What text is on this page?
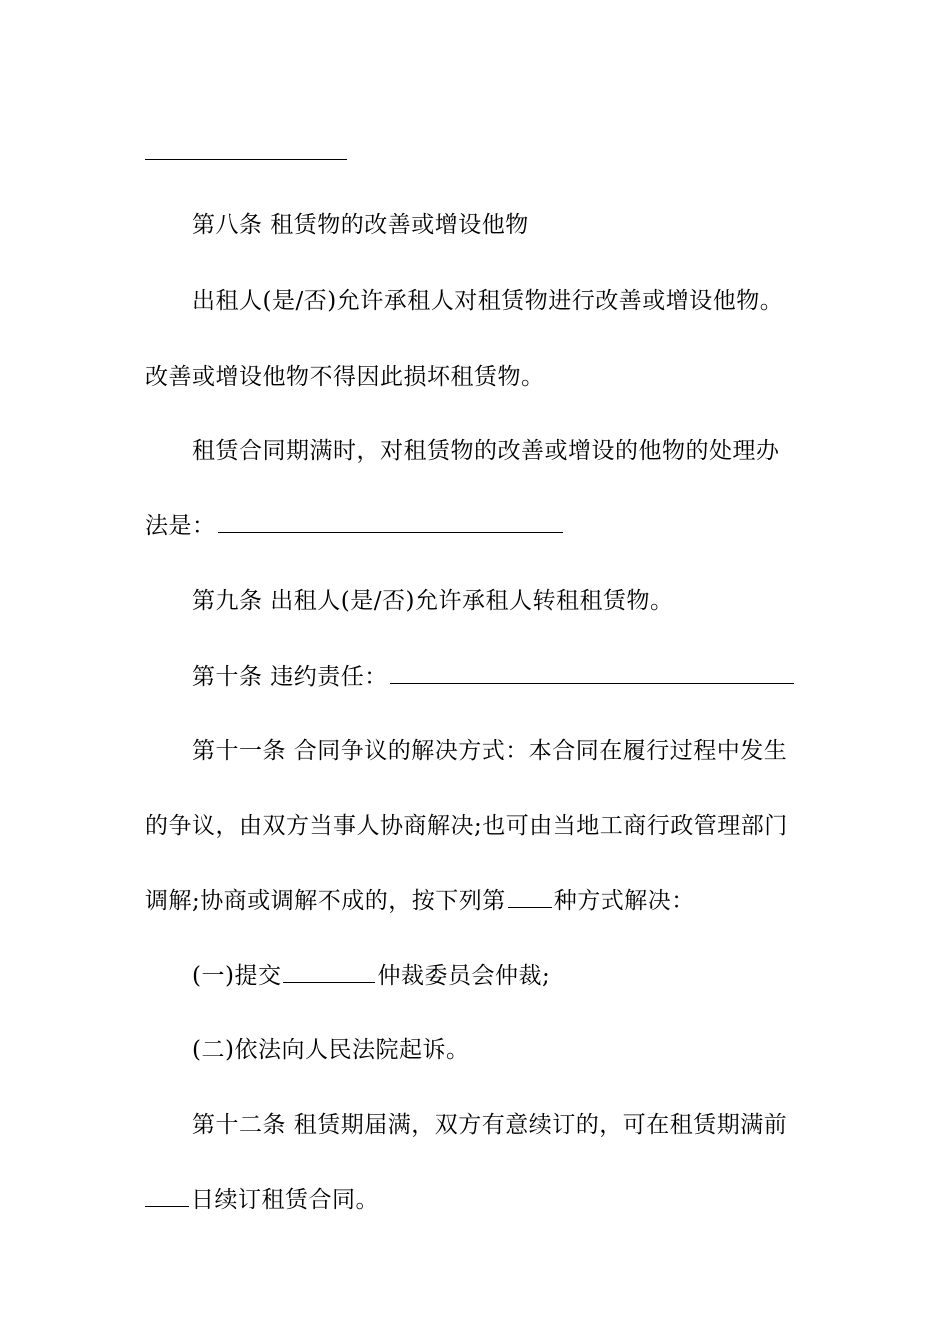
第八条 租赁物的改善或增设他物
出租人(是/否)允许承租人对租赁物进行改善或增设他物。
改善或增设他物不得因此损坏租赁物。
租赁合同期满时，对租赁物的改善或增设的他物的处理办
法是：
第九条 出租人(是/否)允许承租人转租租赁物。
第十条 违约责任：
第十一条 合同争议的解决方式：本合同在履行过程中发生
的争议，由双方当事人协商解决;也可由当地工商行政管理部门
调解;协商或调解不成的，按下列第 种方式解决：
(一)提交	仲裁委员会仲裁;
(二)依法向人民法院起诉。
第十二条 租赁期届满，双方有意续订的，可在租赁期满前
日续订租赁合同。
